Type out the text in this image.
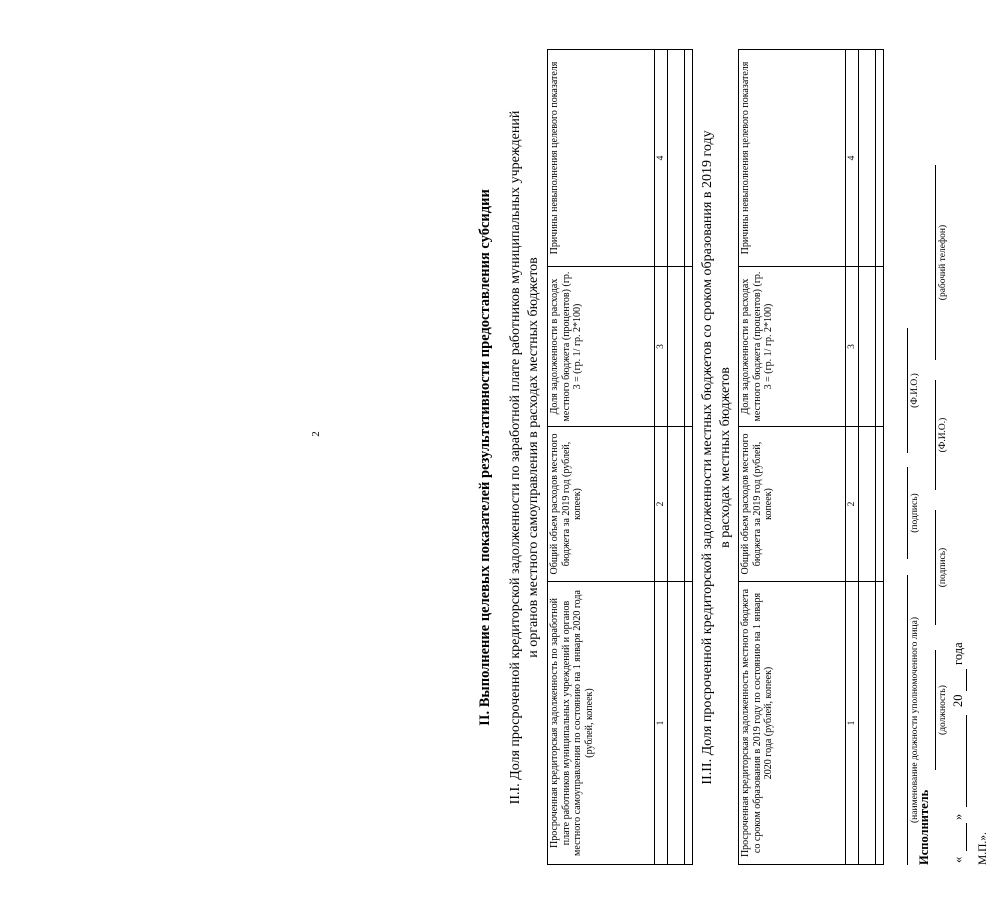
2	II. Выполнение целевых показателей результативности предоставления субсидии II.I. Доля просроченной кредиторской задолженности по заработной плате работников муниципальных учреждений и органов местного самоуправления в расходах местных бюджетов

Просроченная кредиторская задолженность по заработной плате работников муниципальных учреждений и органов местного самоуправления по состоянию на 1 января 2020 года (рублей, копеек)	Общий объем расходов местного бюджета за 2019 год (рублей, копеек)	Доля задолженности в расходах местного бюджета (процентов) (гр. 3 = (гр. 1/ гр. 2*100)	Причины невыполнения целевого показателя
1	2	3	4

			II.II. Доля просроченной кредиторской задолженности местных бюджетов со сроком образования в 2019 году в расходах местных бюджетов

Просроченная кредиторская задолженность местного бюджета со сроком образования в 2019 году по состоянию на 1 января 2020 года (рублей, копеек)	Общий объем расходов местного бюджета за 2019 год (рублей, копеек)	Доля задолженности в расходах местного бюджета (процентов) (гр. 3 = (гр. 1/ гр. 2*100)	Причины невыполнения целевого показателя
1	2	3	4

(наименование должности уполномоченного лица)
(подпись)
(Ф.И.О.)
Исполнитель
(должность)
(подпись)
(Ф.И.О.)
(рабочий телефон)
«
»
20
года
М.П.».
